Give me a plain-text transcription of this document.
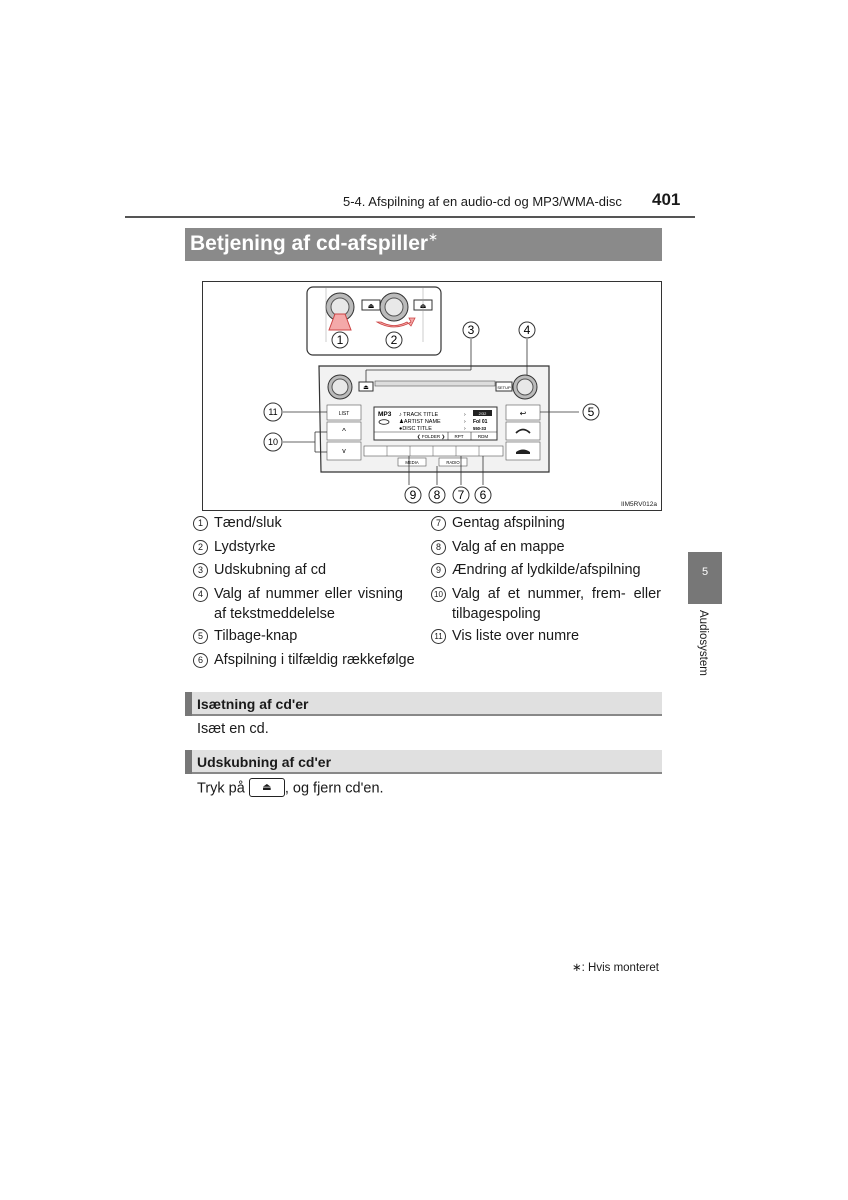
5-4. Afspilning af en audio-cd og MP3/WMA-disc 401
Betjening af cd-afspiller∗
⏏	⏏
⏏	SETUP
LIST
^
v
↩
MP3 ♪ TRACK TITLE
♟ARTIST NAME
●DISC TITLE
›
›
›
2/32
Fol 01
550-33
❮ FOLDER ❯ RPT	RDM
MEDIA	RADIO
1	2
3	4
5
6
7
8
9
10
11
IIM5RV012a
1 Tænd/sluk
2 Lydstyrke
3 Udskubning af cd
4 Valg af nummer eller visning af tekstmeddelelse
5 Tilbage-knap
6 Afspilning i tilfældig rækkefølge
7 Gentag afspilning
8 Valg af en mappe
9 Ændring af lydkilde/afspilning
10 Valg af et nummer, frem- eller tilbagespoling
11 Vis liste over numre
5
Audiosystem
Isætning af cd'er
Isæt en cd.
Udskubning af cd'er
Tryk på ⏏ , og fjern cd'en.
∗: Hvis monteret
